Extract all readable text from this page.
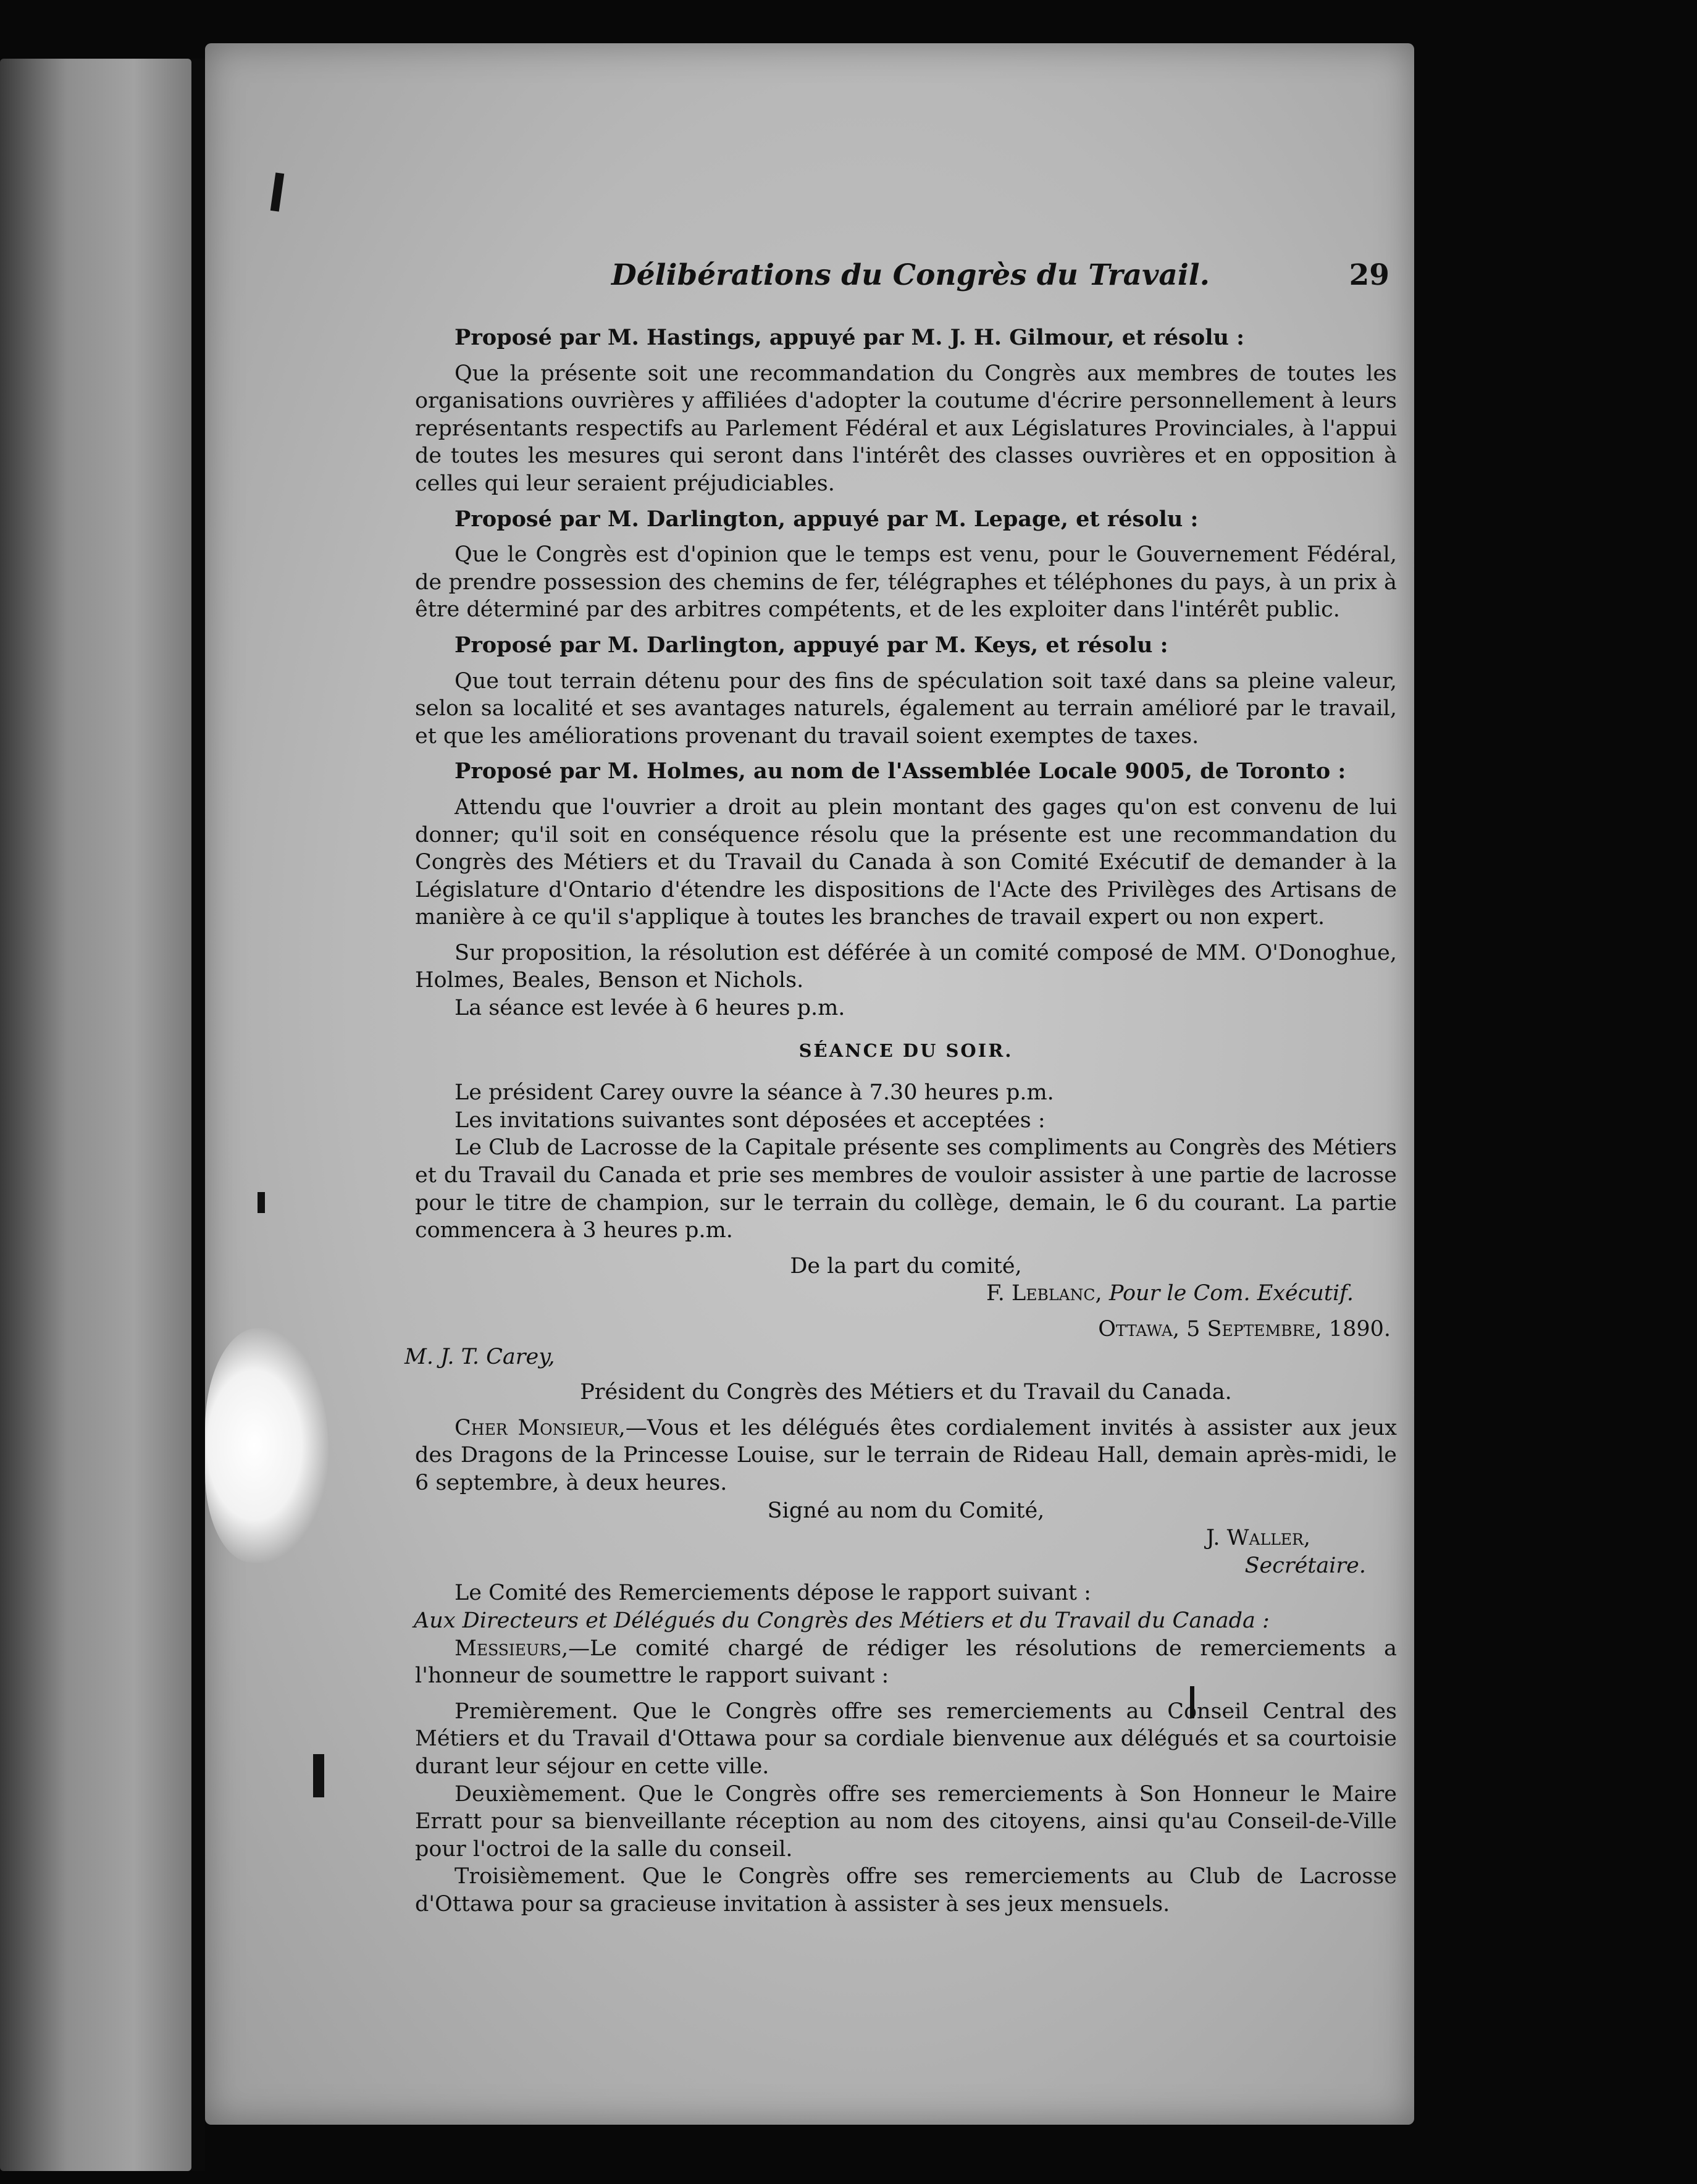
Délibérations du Congrès du Travail.	29

Proposé par M. Hastings, appuyé par M. J. H. Gilmour, et résolu :

Que la présente soit une recommandation du Congrès aux membres de toutes les organisations ouvrières y affiliées d'adopter la coutume d'écrire personnellement à leurs représentants respectifs au Parlement Fédéral et aux Législatures Provinciales, à l'appui de toutes les mesures qui seront dans l'intérêt des classes ouvrières et en opposition à celles qui leur seraient préjudiciables.

Proposé par M. Darlington, appuyé par M. Lepage, et résolu :

Que le Congrès est d'opinion que le temps est venu, pour le Gouvernement Fédéral, de prendre possession des chemins de fer, télégraphes et téléphones du pays, à un prix à être déterminé par des arbitres compétents, et de les exploiter dans l'intérêt public.

Proposé par M. Darlington, appuyé par M. Keys, et résolu :

Que tout terrain détenu pour des fins de spéculation soit taxé dans sa pleine valeur, selon sa localité et ses avantages naturels, également au terrain amélioré par le travail, et que les améliorations provenant du travail soient exemptes de taxes.

Proposé par M. Holmes, au nom de l'Assemblée Locale 9005, de Toronto :

Attendu que l'ouvrier a droit au plein montant des gages qu'on est convenu de lui donner; qu'il soit en conséquence résolu que la présente est une recommandation du Congrès des Métiers et du Travail du Canada à son Comité Exécutif de demander à la Législature d'Ontario d'étendre les dispositions de l'Acte des Privilèges des Artisans de manière à ce qu'il s'applique à toutes les branches de travail expert ou non expert.

Sur proposition, la résolution est déférée à un comité composé de MM. O'Donoghue, Holmes, Beales, Benson et Nichols.

La séance est levée à 6 heures p.m.

SÉANCE DU SOIR.

Le président Carey ouvre la séance à 7.30 heures p.m.

Les invitations suivantes sont déposées et acceptées :

Le Club de Lacrosse de la Capitale présente ses compliments au Congrès des Métiers et du Travail du Canada et prie ses membres de vouloir assister à une partie de lacrosse pour le titre de champion, sur le terrain du collège, demain, le 6 du courant. La partie commencera à 3 heures p.m.

De la part du comité,

F. Leblanc, Pour le Com. Exécutif.

Ottawa, 5 Septembre, 1890.

M. J. T. Carey,

Président du Congrès des Métiers et du Travail du Canada.

Cher Monsieur,—Vous et les délégués êtes cordialement invités à assister aux jeux des Dragons de la Princesse Louise, sur le terrain de Rideau Hall, demain après-midi, le 6 septembre, à deux heures.

Signé au nom du Comité,

J. Waller,

Secrétaire.

Le Comité des Remerciements dépose le rapport suivant :

Aux Directeurs et Délégués du Congrès des Métiers et du Travail du Canada :

Messieurs,—Le comité chargé de rédiger les résolutions de remerciements a l'honneur de soumettre le rapport suivant :

Premièrement. Que le Congrès offre ses remerciements au Conseil Central des Métiers et du Travail d'Ottawa pour sa cordiale bienvenue aux délégués et sa courtoisie durant leur séjour en cette ville.

Deuxièmement. Que le Congrès offre ses remerciements à Son Honneur le Maire Erratt pour sa bienveillante réception au nom des citoyens, ainsi qu'au Conseil-de-Ville pour l'octroi de la salle du conseil.

Troisièmement. Que le Congrès offre ses remerciements au Club de Lacrosse d'Ottawa pour sa gracieuse invitation à assister à ses jeux mensuels.
